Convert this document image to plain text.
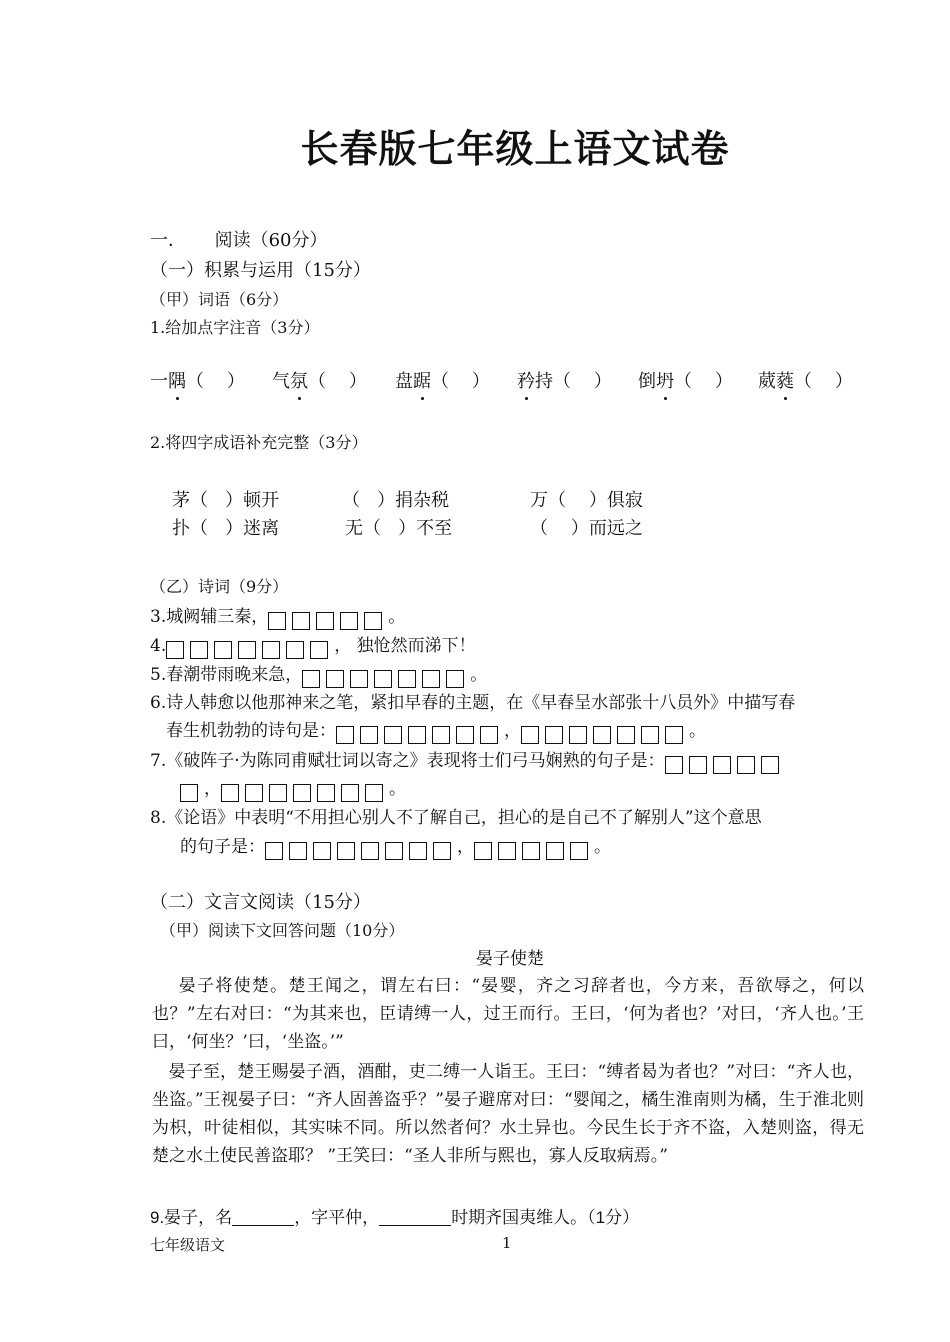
长春版七年级上语文试卷
一．     阅读（60分）
（一）积累与运用（15分）
（甲）词语（6分）
1.给加点字注音（3分）
一隅（    ） 气氛（    ） 盘踞（    ） 矜持（    ） 倒坍（    ） 葳蕤（    ）
2.将四字成语补充完整（3分）
茅（   ）顿开	（   ）捐杂税	万（    ）俱寂
扑（   ）迷离	无（   ）不至	（    ）而远之
（乙）诗词（9分）
3.城阙辅三秦，	。
4.	， 独怆然而涕下！
5.春潮带雨晚来急，	。
6.诗人韩愈以他那神来之笔，紧扣早春的主题，在《早春呈水部张十八员外》中描写春
春生机勃勃的诗句是：	，	。
7.《破阵子·为陈同甫赋壮词以寄之》表现将士们弓马娴熟的句子是：
，	。
8.《论语》中表明“不用担心别人不了解自己，担心的是自己不了解别人”这个意思
的句子是：	，	。
（二）文言文阅读（15分）
（甲）阅读下文回答问题（10分）
晏子使楚
晏子将使楚。楚王闻之，谓左右曰：“晏婴，齐之习辞者也，今方来，吾欲辱之，何以也？”左右对曰：“为其来也，臣请缚一人，过王而行。王曰，‘何为者也？’对曰，‘齐人也。’王曰，‘何坐？’曰，‘坐盗。’”
晏子至，楚王赐晏子酒，酒酣，吏二缚一人诣王。王曰：“缚者曷为者也？”对曰：“齐人也，坐盗。”王视晏子曰：“齐人固善盗乎？”晏子避席对曰：“婴闻之，橘生淮南则为橘，生于淮北则为枳，叶徒相似，其实味不同。所以然者何？水土异也。今民生长于齐不盗，入楚则盗，得无楚之水土使民善盗耶？ ”王笑曰：“圣人非所与熙也，寡人反取病焉。”
9.晏子，名	，字平仲，	时期齐国夷维人。（1分）
七年级语文	1
